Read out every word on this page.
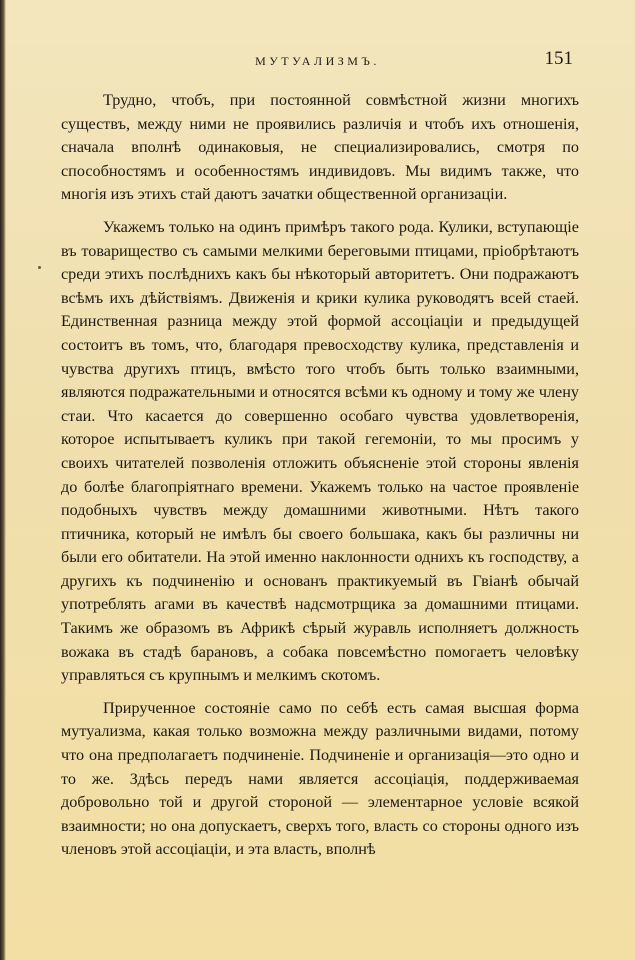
МУТУАЛИЗМЪ.	151

Трудно, чтобъ, при постоянной совмѣстной жизни многихъ существъ, между ними не проявились различія и чтобъ ихъ отношенія, сначала вполнѣ одинаковыя, не специализировались, смотря по способностямъ и особенностямъ индивидовъ. Мы видимъ также, что многія изъ этихъ стай даютъ зачатки общественной организаціи.

Укажемъ только на одинъ примѣръ такого рода. Кулики, вступающіе въ товарищество съ самыми мелкими береговыми птицами, пріобрѣтаютъ среди этихъ послѣднихъ какъ бы нѣкоторый авторитетъ. Они подражаютъ всѣмъ ихъ дѣйствіямъ. Движенія и крики кулика руководятъ всей стаей. Единственная разница между этой формой ассоціаціи и предыдущей состоитъ въ томъ, что, благодаря превосходству кулика, представленія и чувства другихъ птицъ, вмѣсто того чтобъ быть только взаимными, являются подражательными и относятся всѣми къ одному и тому же члену стаи. Что касается до совершенно особаго чувства удовлетворенія, которое испытываетъ куликъ при такой гегемоніи, то мы просимъ у своихъ читателей позволенія отложить объясненіе этой стороны явленія до болѣе благопріятнаго времени. Укажемъ только на частое проявленіе подобныхъ чувствъ между домашними животными. Нѣтъ такого птичника, который не имѣлъ бы своего большака, какъ бы различны ни были его обитатели. На этой именно наклонности однихъ къ господству, а другихъ къ подчиненію и основанъ практикуемый въ Гвіанѣ обычай употреблять агами въ качествѣ надсмотрщика за домашними птицами. Такимъ же образомъ въ Африкѣ сѣрый журавль исполняетъ должность вожака въ стадѣ барановъ, а собака повсемѣстно помогаетъ человѣку управляться съ крупнымъ и мелкимъ скотомъ.

Прирученное состояніе само по себѣ есть самая высшая форма мутуализма, какая только возможна между различными видами, потому что она предполагаетъ подчиненіе. Подчиненіе и организація—это одно и то же. Здѣсь передъ нами является ассоціація, поддерживаемая добровольно той и другой стороной — элементарное условіе всякой взаимности; но она допускаетъ, сверхъ того, власть со стороны одного изъ членовъ этой ассоціаціи, и эта власть, вполнѣ
